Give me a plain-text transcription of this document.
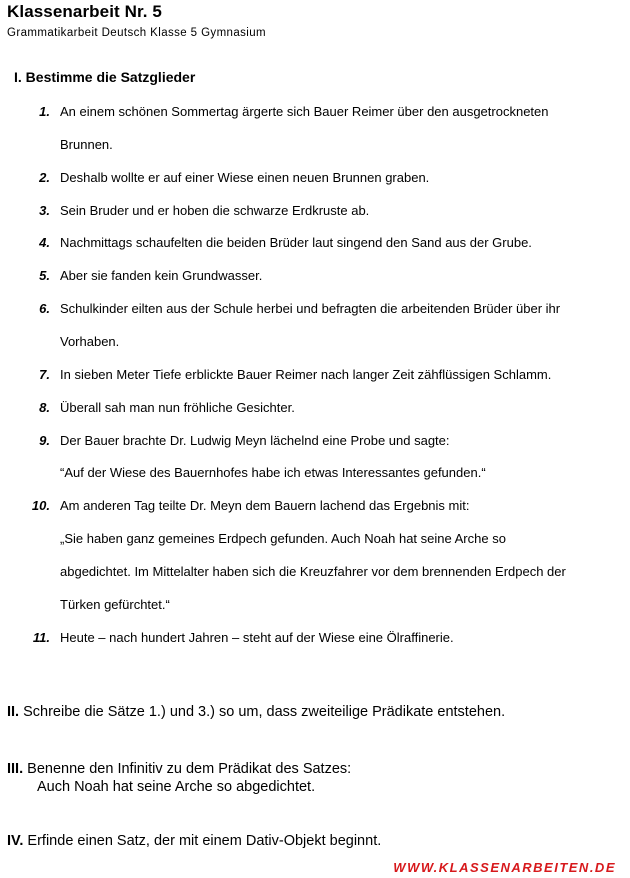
Klassenarbeit Nr. 5
Grammatikarbeit Deutsch Klasse 5 Gymnasium
I. Bestimme die Satzglieder
1. An einem schönen Sommertag ärgerte sich Bauer Reimer über den ausgetrockneten
Brunnen.
2. Deshalb wollte er auf einer Wiese einen neuen Brunnen graben.
3. Sein Bruder und er hoben die schwarze Erdkruste ab.
4. Nachmittags schaufelten die beiden Brüder laut singend den Sand aus der Grube.
5. Aber sie fanden kein Grundwasser.
6. Schulkinder eilten aus der Schule herbei und befragten die arbeitenden Brüder über ihr
Vorhaben.
7. In sieben Meter Tiefe erblickte Bauer Reimer nach langer Zeit zähflüssigen Schlamm.
8. Überall sah man nun fröhliche Gesichter.
9. Der Bauer brachte Dr. Ludwig Meyn lächelnd eine Probe und sagte:
“Auf der Wiese des Bauernhofes habe ich etwas Interessantes gefunden.“
10. Am anderen Tag teilte Dr. Meyn dem Bauern lachend das Ergebnis mit:
„Sie haben ganz gemeines Erdpech gefunden. Auch Noah hat seine Arche so
abgedichtet. Im Mittelalter haben sich die Kreuzfahrer vor dem brennenden Erdpech der
Türken gefürchtet.“
11. Heute – nach hundert Jahren – steht auf der Wiese eine Ölraffinerie.
II. Schreibe die Sätze 1.) und 3.) so um, dass zweiteilige Prädikate entstehen.
III. Benenne den Infinitiv zu dem Prädikat des Satzes:
Auch Noah hat seine Arche so abgedichtet.
IV. Erfinde einen Satz, der mit einem Dativ-Objekt beginnt.
WWW.KLASSENARBEITEN.DE
